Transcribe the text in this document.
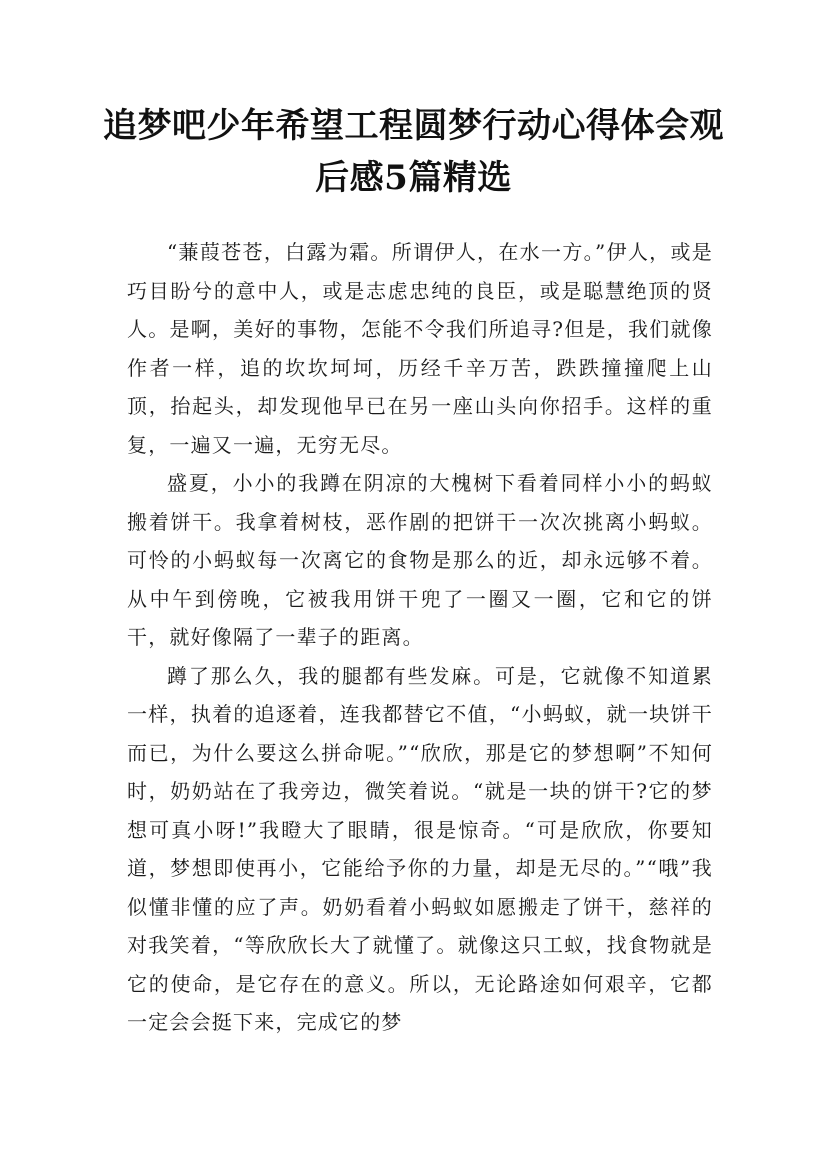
追梦吧少年希望工程圆梦行动心得体会观
后感5篇精选

“蒹葭苍苍，白露为霜。所谓伊人，在水一方。”伊人，或是巧目盼兮的意中人，或是志虑忠纯的良臣，或是聪慧绝顶的贤人。是啊，美好的事物，怎能不令我们所追寻?但是，我们就像作者一样，追的坎坎坷坷，历经千辛万苦，跌跌撞撞爬上山顶，抬起头，却发现他早已在另一座山头向你招手。这样的重复，一遍又一遍，无穷无尽。

盛夏，小小的我蹲在阴凉的大槐树下看着同样小小的蚂蚁搬着饼干。我拿着树枝，恶作剧的把饼干一次次挑离小蚂蚁。可怜的小蚂蚁每一次离它的食物是那么的近，却永远够不着。从中午到傍晚，它被我用饼干兜了一圈又一圈，它和它的饼干，就好像隔了一辈子的距离。

蹲了那么久，我的腿都有些发麻。可是，它就像不知道累一样，执着的追逐着，连我都替它不值，“小蚂蚁，就一块饼干而已，为什么要这么拼命呢。”“欣欣，那是它的梦想啊”不知何时，奶奶站在了我旁边，微笑着说。“就是一块的饼干?它的梦想可真小呀!”我瞪大了眼睛，很是惊奇。“可是欣欣，你要知道，梦想即使再小，它能给予你的力量，却是无尽的。”“哦”我似懂非懂的应了声。奶奶看着小蚂蚁如愿搬走了饼干，慈祥的对我笑着，“等欣欣长大了就懂了。就像这只工蚁，找食物就是它的使命，是它存在的意义。所以，无论路途如何艰辛，它都一定会会挺下来，完成它的梦
